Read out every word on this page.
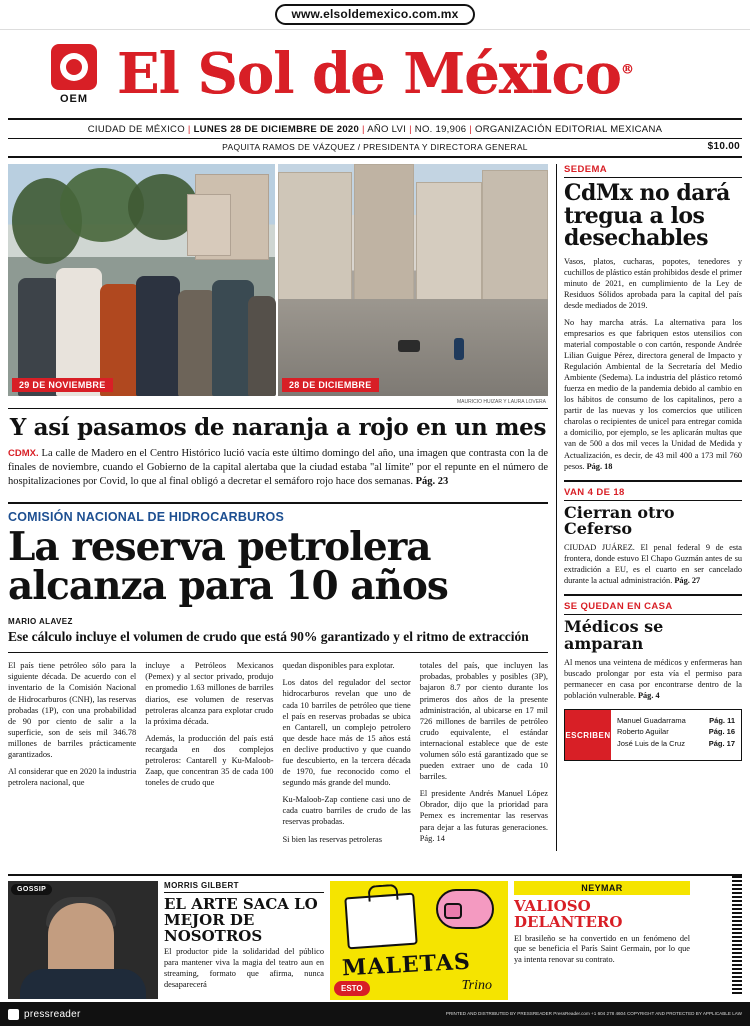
www.elsoldemexico.com.mx
OEM El Sol de México®
CIUDAD DE MÉXICO | LUNES 28 DE DICIEMBRE DE 2020 | AÑO LVI | NO. 19,906 | ORGANIZACIÓN EDITORIAL MEXICANA
PAQUITA RAMOS DE VÁZQUEZ / PRESIDENTA Y DIRECTORA GENERAL	$10.00
29 DE NOVIEMBRE	28 DE DICIEMBRE
MAURICIO HUIZAR Y LAURA LOVERA
Y así pasamos de naranja a rojo en un mes
CDMX. La calle de Madero en el Centro Histórico lució vacía este último domingo del año, una imagen que contrasta con la de finales de noviembre, cuando el Gobierno de la capital alertaba que la ciudad estaba "al límite" por el repunte en el número de hospitalizaciones por Covid, lo que al final obligó a decretar el semáforo rojo hace dos semanas. Pág. 23
COMISIÓN NACIONAL DE HIDROCARBUROS
La reserva petrolera alcanza para 10 años
MARIO ALAVEZ
Ese cálculo incluye el volumen de crudo que está 90% garantizado y el ritmo de extracción

El país tiene petróleo sólo para la siguiente década. De acuerdo con el inventario de la Comisión Nacional de Hidrocarburos (CNH), las reservas probadas (1P), con una probabilidad de 90 por ciento de salir a la superficie, son de seis mil 346.78 millones de barriles prácticamente garantizados.

Al considerar que en 2020 la industria petrolera nacional, que

incluye a Petróleos Mexicanos (Pemex) y al sector privado, produjo en promedio 1.63 millones de barriles diarios, ese volumen de reservas petroleras alcanza para explotar crudo la próxima década.

Además, la producción del país está recargada en dos complejos petroleros: Cantarell y Ku-Maloob-Zaap, que concentran 35 de cada 100 toneles de crudo que

quedan disponibles para explotar.

Los datos del regulador del sector hidrocarburos revelan que uno de cada 10 barriles de petróleo que tiene el país en reservas probadas se ubica en Cantarell, un complejo petrolero que desde hace más de 15 años está en declive productivo y que cuando fue descubierto, en la tercera década de 1970, fue reconocido como el segundo más grande del mundo.

Ku-Maloob-Zap contiene casi uno de cada cuatro barriles de crudo de las reservas probadas.

Si bien las reservas petroleras

totales del país, que incluyen las probadas, probables y posibles (3P), bajaron 8.7 por ciento durante los primeros dos años de la presente administración, al ubicarse en 17 mil 726 millones de barriles de petróleo crudo equivalente, el estándar internacional establece que de este volumen sólo está garantizado que se pueden extraer uno de cada 10 barriles.

El presidente Andrés Manuel López Obrador, dijo que la prioridad para Pemex es incrementar las reservas para dejar a las futuras generaciones. Pág. 14

SEDEMA
CdMx no dará tregua a los desechables

Vasos, platos, cucharas, popotes, tenedores y cuchillos de plástico están prohibidos desde el primer minuto de 2021, en cumplimiento de la Ley de Residuos Sólidos aprobada para la capital del país desde mediados de 2019.

No hay marcha atrás. La alternativa para los empresarios es que fabriquen estos utensilios con material compostable o con cartón, responde Andrée Lilian Guigue Pérez, directora general de Impacto y Regulación Ambiental de la Secretaría del Medio Ambiente (Sedema). La industria del plástico retomó fuerza en medio de la pandemia debido al cambio en los hábitos de consumo de los capitalinos, pero a partir de las nuevas y los comercios que utilicen charolas o recipientes de unicel para entregar comida a domicilio, por ejemplo, se les aplicarán multas que van de 500 a dos mil veces la Unidad de Medida y Actualización, es decir, de 43 mil 400 a 173 mil 760 pesos. Pág. 18

VAN 4 DE 18
Cierran otro Ceferso

CIUDAD JUÁREZ. El penal federal 9 de esta frontera, donde estuvo El Chapo Guzmán antes de su extradición a EU, es el cuarto en ser cancelado durante la actual administración. Pág. 27

SE QUEDAN EN CASA
Médicos se amparan

Al menos una veintena de médicos y enfermeras han buscado prolongar por esta vía el permiso para permanecer en casa por encontrarse dentro de la población vulnerable. Pág. 4

ESCRIBEN
Manuel Guadarrama	Pág. 11
Roberto Aguilar	Pág. 16
José Luis de la Cruz	Pág. 17
GOSSIP	MORRIS GILBERT
EL ARTE SACA LO MEJOR DE NOSOTROS

El productor pide la solidaridad del público para mantener viva la magia del teatro aun en streaming, formato que afirma, nunca desaparecerá

MALETAS
Trino
ESTO
NEYMAR
VALIOSO DELANTERO

El brasileño se ha convertido en un fenómeno del que se beneficia el París Saint Germain, por lo que ya intenta renovar su contrato.

pressreader	PRINTED AND DISTRIBUTED BY PRESSREADER PressReader.com +1 604 278 4604 COPYRIGHT AND PROTECTED BY APPLICABLE LAW
